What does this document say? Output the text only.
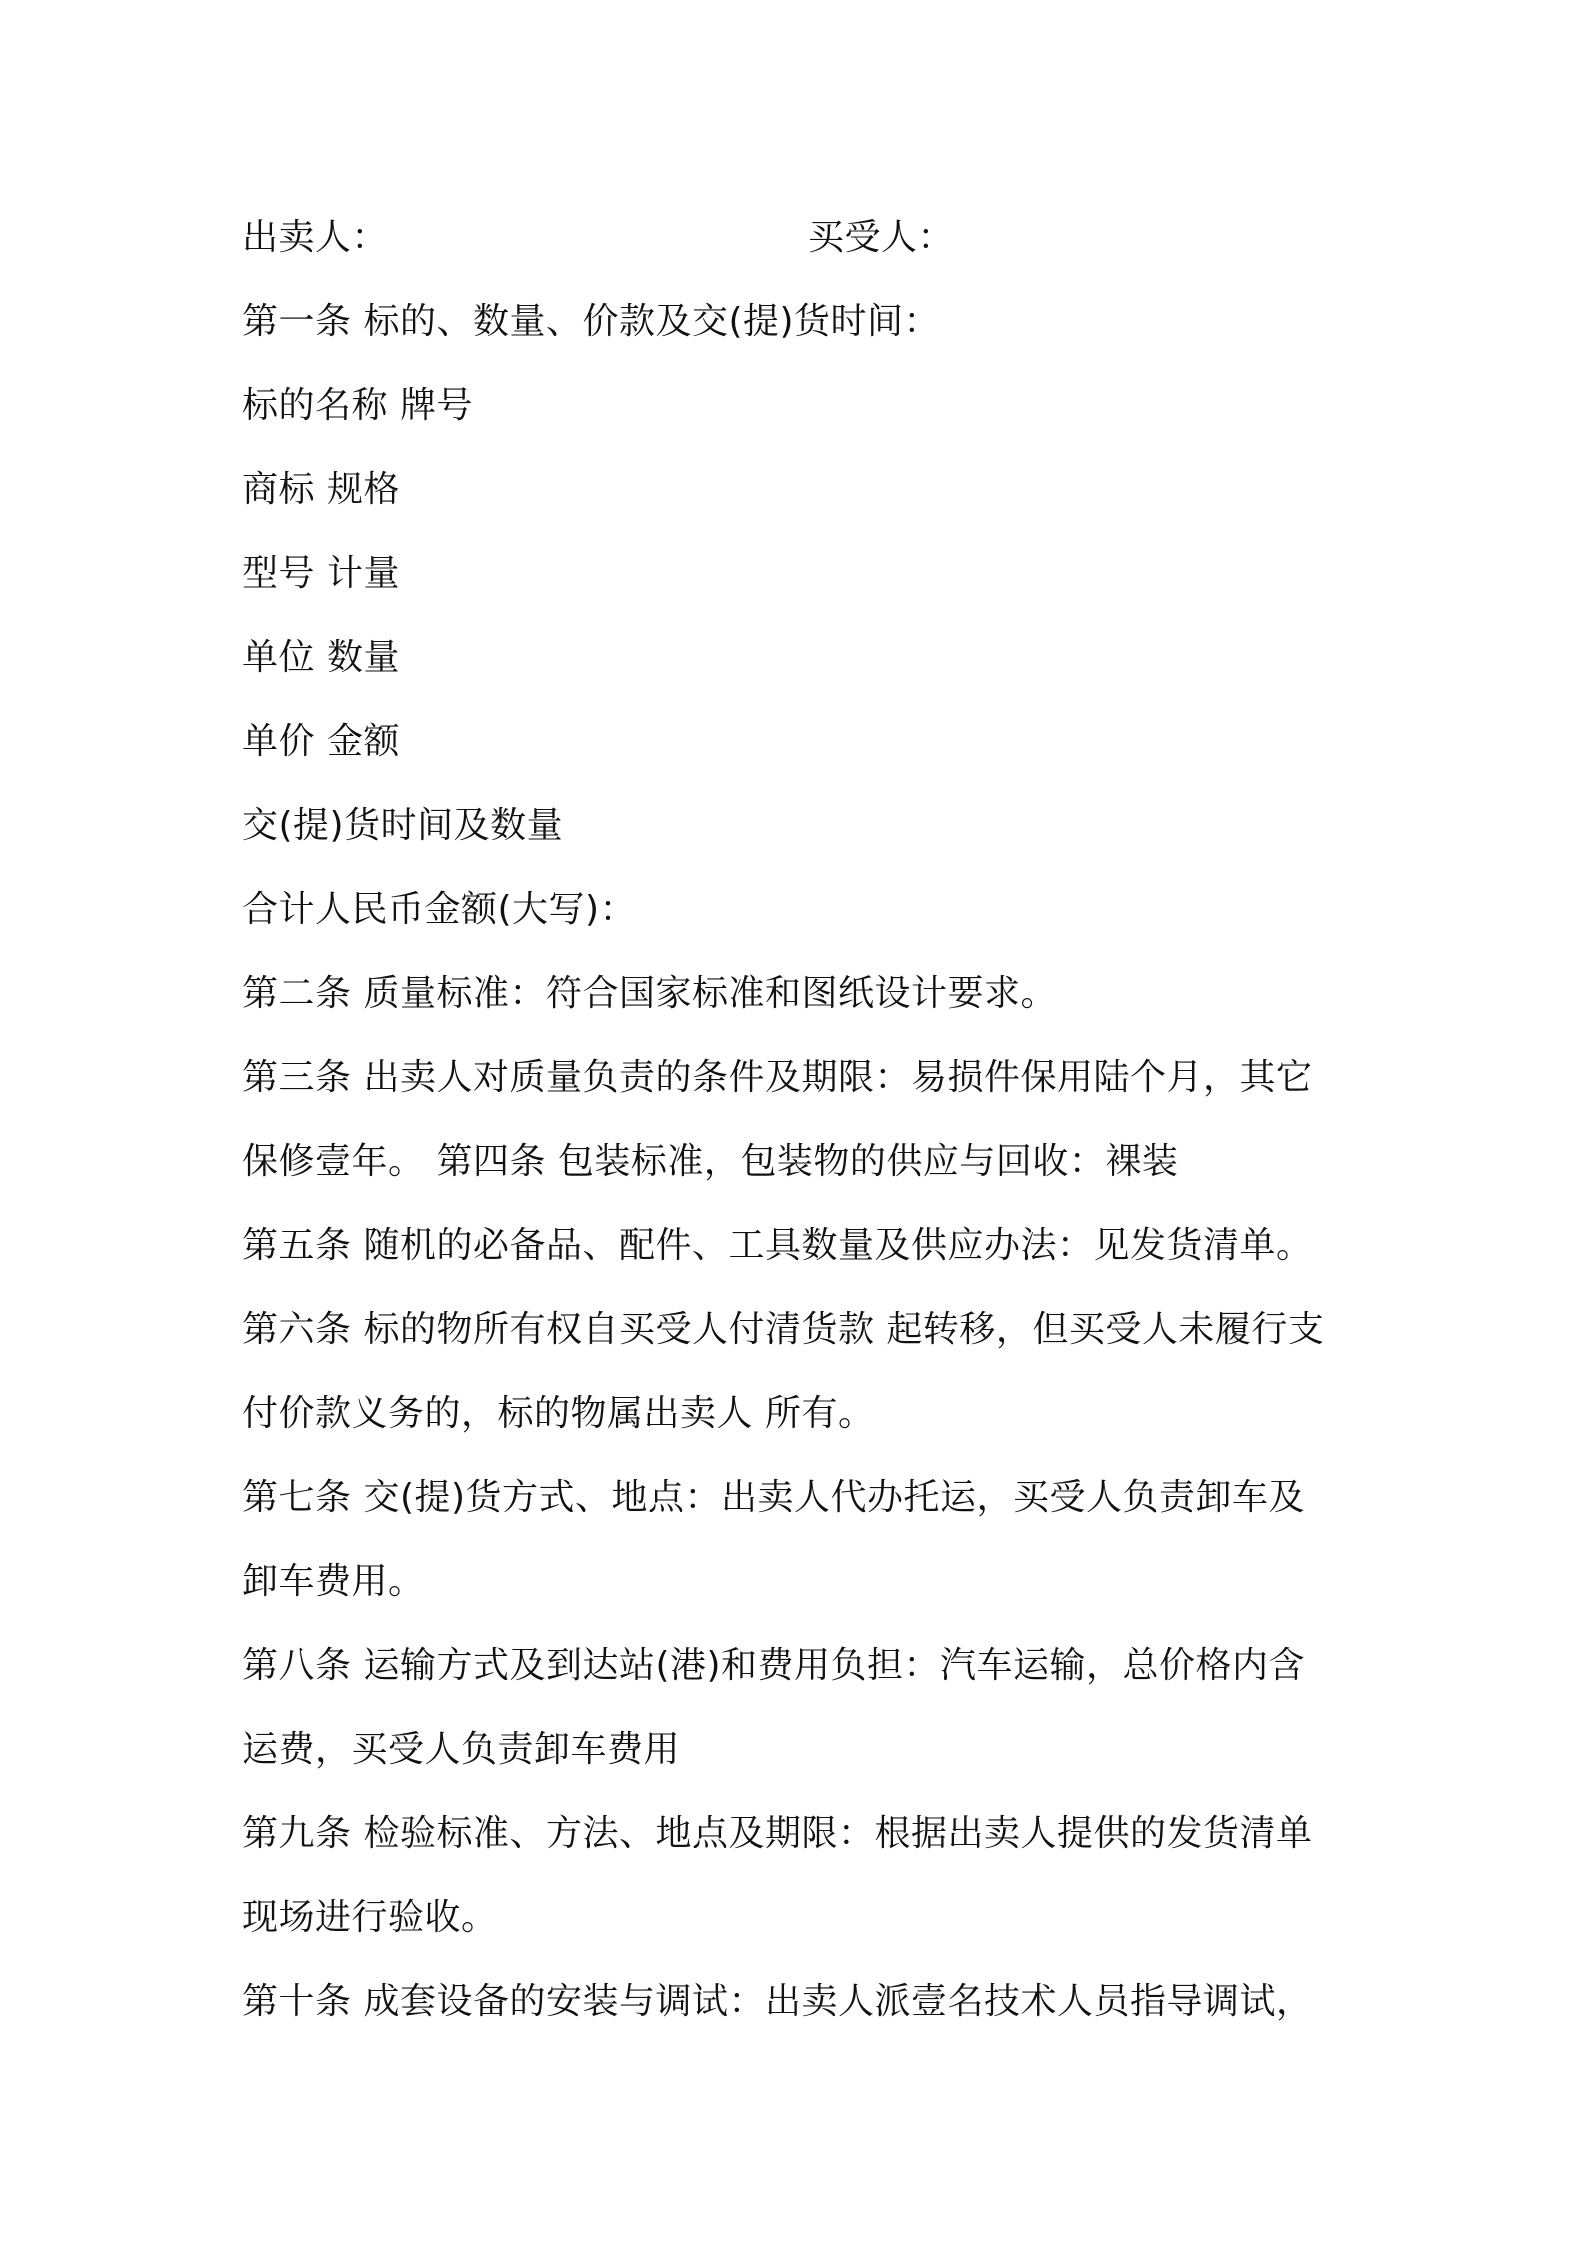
出卖人：	买受人：
第一条 标的、数量、价款及交(提)货时间：
标的名称 牌号
商标 规格
型号 计量
单位 数量
单价 金额
交(提)货时间及数量
合计人民币金额(大写)：
第二条 质量标准：符合国家标准和图纸设计要求。
第三条 出卖人对质量负责的条件及期限：易损件保用陆个月，其它
保修壹年。 第四条 包装标准，包装物的供应与回收：裸装
第五条 随机的必备品、配件、工具数量及供应办法：见发货清单。
第六条 标的物所有权自买受人付清货款 起转移，但买受人未履行支
付价款义务的，标的物属出卖人 所有。
第七条 交(提)货方式、地点：出卖人代办托运，买受人负责卸车及
卸车费用。
第八条 运输方式及到达站(港)和费用负担：汽车运输，总价格内含
运费，买受人负责卸车费用
第九条 检验标准、方法、地点及期限：根据出卖人提供的发货清单
现场进行验收。
第十条 成套设备的安装与调试：出卖人派壹名技术人员指导调试，
